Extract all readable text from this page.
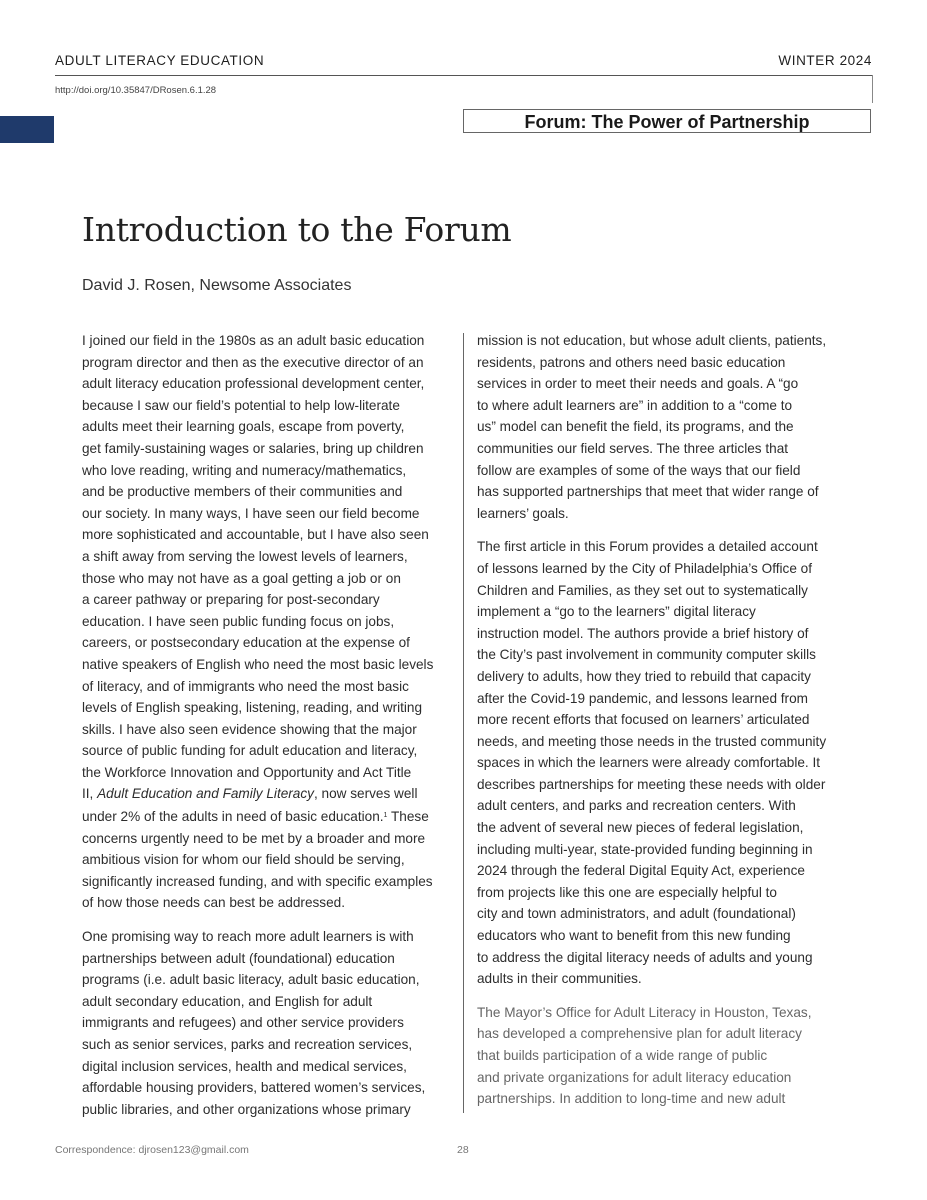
ADULT LITERACY EDUCATION	WINTER 2024
http://doi.org/10.35847/DRosen.6.1.28
Forum: The Power of Partnership
Introduction to the Forum
David J. Rosen, Newsome Associates

I joined our field in the 1980s as an adult basic education
program director and then as the executive director of an
adult literacy education professional development center,
because I saw our field’s potential to help low-literate
adults meet their learning goals, escape from poverty,
get family-sustaining wages or salaries, bring up children
who love reading, writing and numeracy/mathematics,
and be productive members of their communities and
our society. In many ways, I have seen our field become
more sophisticated and accountable, but I have also seen
a shift away from serving the lowest levels of learners,
those who may not have as a goal getting a job or on
a career pathway or preparing for post-secondary
education. I have seen public funding focus on jobs,
careers, or postsecondary education at the expense of
native speakers of English who need the most basic levels
of literacy, and of immigrants who need the most basic
levels of English speaking, listening, reading, and writing
skills. I have also seen evidence showing that the major
source of public funding for adult education and literacy,
the Workforce Innovation and Opportunity and Act Title
II, Adult Education and Family Literacy, now serves well
under 2% of the adults in need of basic education.$^1$ These
concerns urgently need to be met by a broader and more
ambitious vision for whom our field should be serving,
significantly increased funding, and with specific examples
of how those needs can best be addressed.

One promising way to reach more adult learners is with
partnerships between adult (foundational) education
programs (i.e. adult basic literacy, adult basic education,
adult secondary education, and English for adult
immigrants and refugees) and other service providers
such as senior services, parks and recreation services,
digital inclusion services, health and medical services,
affordable housing providers, battered women’s services,
public libraries, and other organizations whose primary

mission is not education, but whose adult clients, patients,
residents, patrons and others need basic education
services in order to meet their needs and goals. A “go
to where adult learners are” in addition to a “come to
us” model can benefit the field, its programs, and the
communities our field serves. The three articles that
follow are examples of some of the ways that our field
has supported partnerships that meet that wider range of
learners’ goals.

The first article in this Forum provides a detailed account
of lessons learned by the City of Philadelphia’s Office of
Children and Families, as they set out to systematically
implement a “go to the learners” digital literacy
instruction model. The authors provide a brief history of
the City’s past involvement in community computer skills
delivery to adults, how they tried to rebuild that capacity
after the Covid-19 pandemic, and lessons learned from
more recent efforts that focused on learners’ articulated
needs, and meeting those needs in the trusted community
spaces in which the learners were already comfortable. It
describes partnerships for meeting these needs with older
adult centers, and parks and recreation centers. With
the advent of several new pieces of federal legislation,
including multi-year, state-provided funding beginning in
2024 through the federal Digital Equity Act, experience
from projects like this one are especially helpful to
city and town administrators, and adult (foundational)
educators who want to benefit from this new funding
to address the digital literacy needs of adults and young
adults in their communities.

The Mayor’s Office for Adult Literacy in Houston, Texas,
has developed a comprehensive plan for adult literacy
that builds participation of a wide range of public
and private organizations for adult literacy education
partnerships. In addition to long-time and new adult

Correspondence: djrosen123@gmail.com	28
